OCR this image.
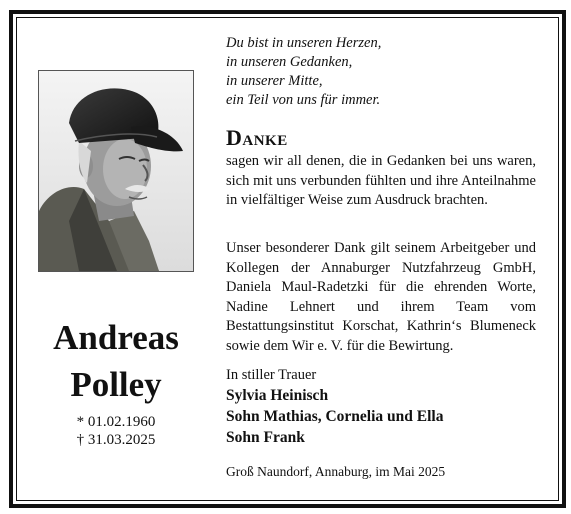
Andreas
Polley
* 01.02.1960
† 31.03.2025
Du bist in unseren Herzen,
in unseren Gedanken,
in unserer Mitte,
ein Teil von uns für immer.
Danke
sagen wir all denen, die in Gedanken bei uns waren, sich mit uns verbunden fühlten und ihre Anteilnahme in vielfältiger Weise zum Ausdruck brachten.
Unser besonderer Dank gilt seinem Arbeitgeber und Kollegen der Annaburger Nutzfahrzeug GmbH, Daniela Maul-Radetzki für die ehrenden Worte, Nadine Lehnert und ihrem Team vom Bestattungsinstitut Korschat, Kathrin‘s Blumeneck sowie dem Wir e. V. für die Bewirtung.
In stiller Trauer
Sylvia Heinisch
Sohn Mathias, Cornelia und Ella
Sohn Frank
Groß Naundorf, Annaburg, im Mai 2025
